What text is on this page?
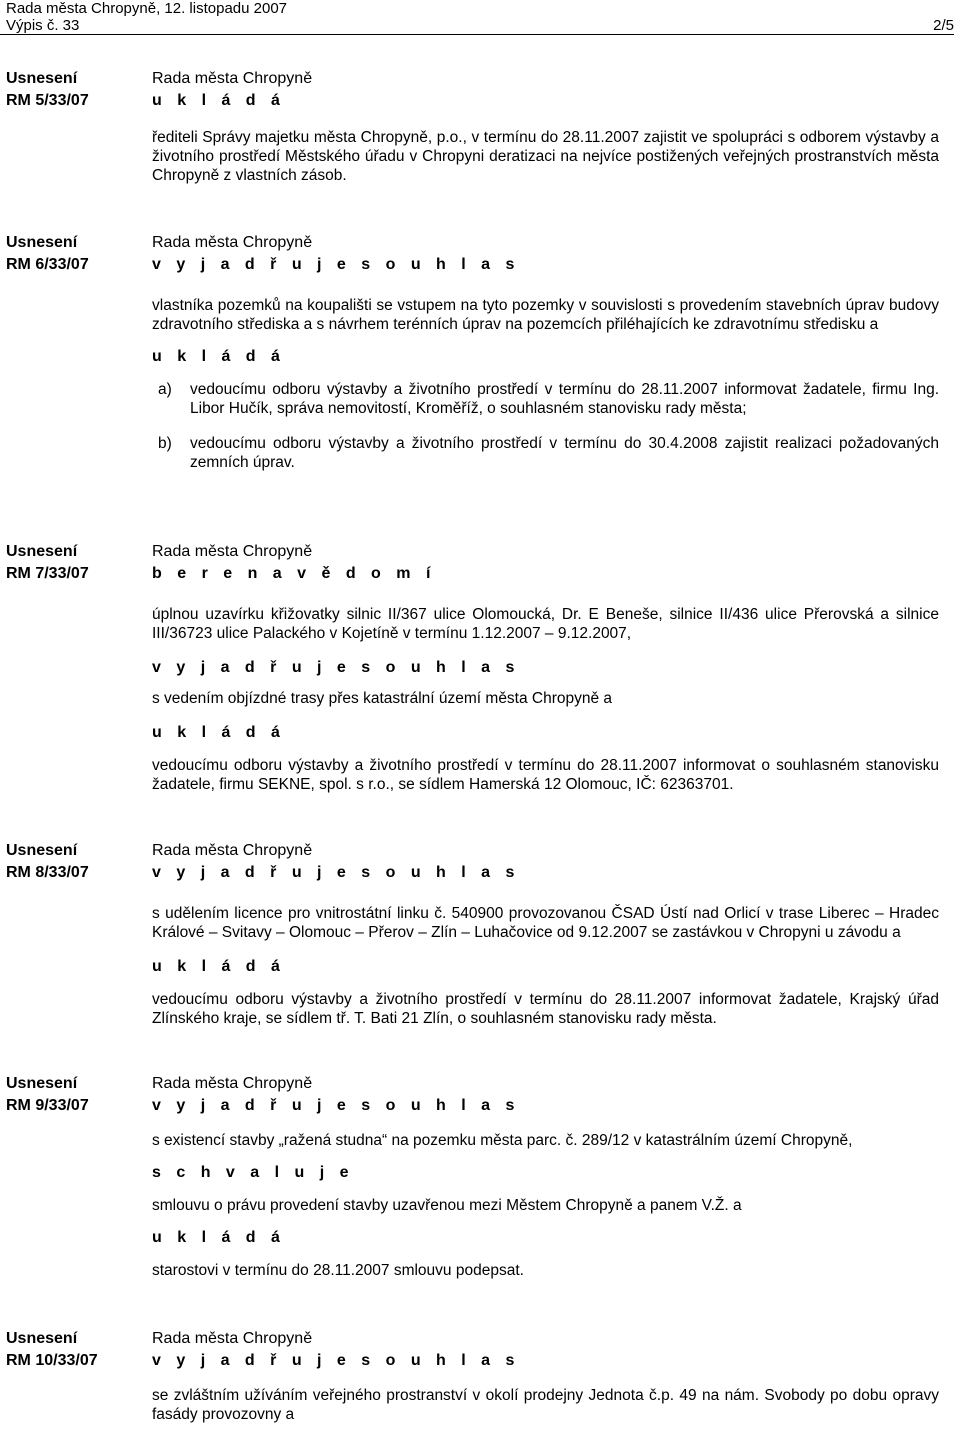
Rada města Chropyně, 12. listopadu 2007
Výpis č. 33	2/5
Usnesení
RM 5/33/07
Rada města Chropyně
u k l á d á
řediteli Správy majetku města Chropyně, p.o., v termínu do 28.11.2007 zajistit ve spolupráci s odborem výstavby a životního prostředí Městského úřadu v Chropyni deratizaci na nejvíce postižených veřejných prostranstvích města Chropyně z vlastních zásob.
Usnesení
RM 6/33/07
Rada města Chropyně
v y j a d ř u j e s o u h l a s
vlastníka pozemků na koupališti se vstupem na tyto pozemky v souvislosti s provedením stavebních úprav budovy zdravotního střediska a s návrhem terénních úprav na pozemcích přiléhajících ke zdravotnímu středisku a
u k l á d á
a) vedoucímu odboru výstavby a životního prostředí v termínu do 28.11.2007 informovat žadatele, firmu Ing. Libor Hučík, správa nemovitostí, Kroměříž, o souhlasném stanovisku rady města;
b) vedoucímu odboru výstavby a životního prostředí v termínu do 30.4.2008 zajistit realizaci požadovaných zemních úprav.
Usnesení
RM 7/33/07
Rada města Chropyně
b e r e n a v ě d o m í
úplnou uzavírku křižovatky silnic II/367 ulice Olomoucká, Dr. E Beneše, silnice II/436 ulice Přerovská a silnice III/36723 ulice Palackého v Kojetíně v termínu 1.12.2007 – 9.12.2007,
v y j a d ř u j e s o u h l a s
s vedením objízdné trasy přes katastrální území města Chropyně a
u k l á d á
vedoucímu odboru výstavby a životního prostředí v termínu do 28.11.2007 informovat o souhlasném stanovisku žadatele, firmu SEKNE, spol. s r.o., se sídlem Hamerská 12 Olomouc, IČ: 62363701.
Usnesení
RM 8/33/07
Rada města Chropyně
v y j a d ř u j e s o u h l a s
s udělením licence pro vnitrostátní linku č. 540900 provozovanou ČSAD Ústí nad Orlicí v trase Liberec – Hradec Králové – Svitavy – Olomouc – Přerov – Zlín – Luhačovice od 9.12.2007 se zastávkou v Chropyni u závodu a
u k l á d á
vedoucímu odboru výstavby a životního prostředí v termínu do 28.11.2007 informovat žadatele, Krajský úřad Zlínského kraje, se sídlem tř. T. Bati 21 Zlín, o souhlasném stanovisku rady města.
Usnesení
RM 9/33/07
Rada města Chropyně
v y j a d ř u j e s o u h l a s
s existencí stavby „ražená studna“ na pozemku města parc. č. 289/12 v katastrálním území Chropyně,
s c h v a l u j e
smlouvu o právu provedení stavby uzavřenou mezi Městem Chropyně a panem V.Ž. a
u k l á d á
starostovi v termínu do 28.11.2007 smlouvu podepsat.
Usnesení
RM 10/33/07
Rada města Chropyně
v y j a d ř u j e s o u h l a s
se zvláštním užíváním veřejného prostranství v okolí prodejny Jednota č.p. 49 na nám. Svobody po dobu opravy fasády provozovny a
